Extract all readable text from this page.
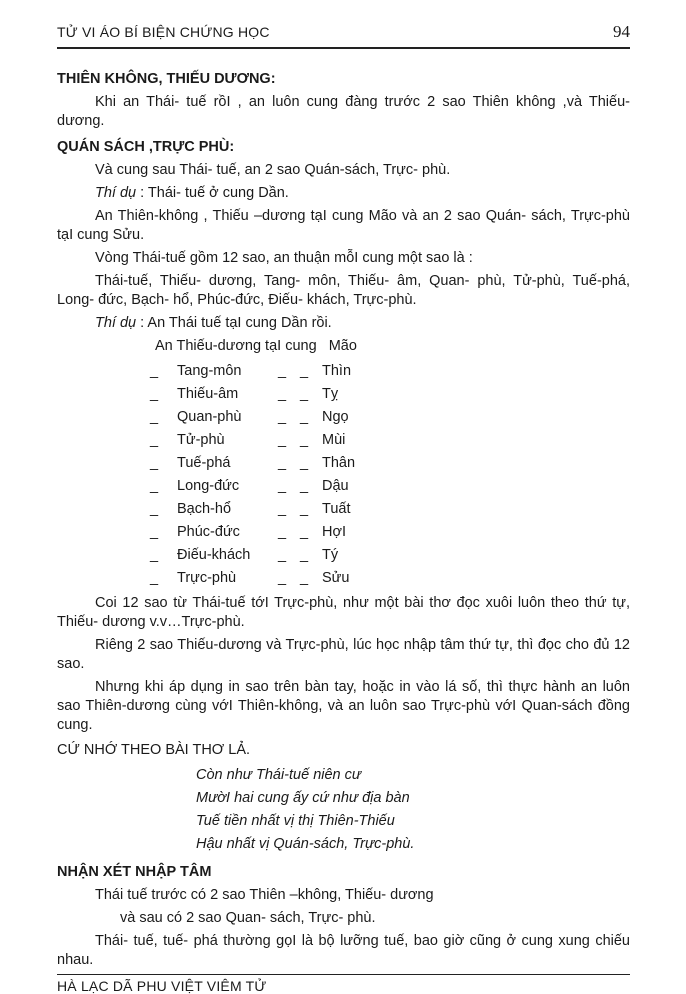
TỬ VI ÁO BÍ BIỆN CHỨNG HỌC	94
THIÊN KHÔNG, THIẾU DƯƠNG:

Khi an Thái- tuế rồI , an luôn cung đàng trước 2 sao Thiên không ,và Thiếu- dương.

QUÁN SÁCH ,TRỰC PHÙ:

Và cung sau Thái- tuế, an 2 sao Quán-sách, Trực- phù.

Thí dụ : Thái- tuế ở cung Dần.

An Thiên-không , Thiếu –dương tạI cung Mão và an 2 sao Quán- sách, Trực-phù tạI cung Sửu.

Vòng Thái-tuế gồm 12 sao, an thuận mỗI cung một sao là :

Thái-tuế, Thiếu- dương, Tang- môn, Thiếu- âm, Quan- phù, Tử-phù, Tuế-phá, Long- đức, Bạch- hổ, Phúc-đức, Điếu- khách, Trực-phù.

Thí dụ : An Thái tuế tạI cung Dần rồi.

An Thiếu-dương tạI cung   Mão

_	Tang-môn	_ _ Thìn
_	Thiếu-âm	_ _ Tỵ
_	Quan-phù	_ _ Ngọ
_	Tử-phù	_ _ Mùi
_	Tuế-phá	_ _ Thân
_	Long-đức	_ _ Dậu
_	Bạch-hổ	_ _ Tuất
_	Phúc-đức	_ _ HợI
_	Điếu-khách	_ _ Tý
_	Trực-phù	_ _ Sửu

Coi 12 sao từ Thái-tuế tớI Trực-phù, như một bài thơ đọc xuôi luôn theo thứ tự, Thiếu- dương v.v…Trực-phù.

Riêng 2 sao Thiếu-dương và Trực-phù, lúc học nhập tâm thứ tự, thì đọc cho đủ 12 sao.

Nhưng khi áp dụng in sao trên bàn tay, hoặc in vào lá số, thì thực hành an luôn sao Thiên-dương cùng vớI Thiên-không, và an luôn sao Trực-phù vớI Quan-sách đồng cung.

CỨ NHỚ THEO BÀI THƠ LẢ.
Còn như Thái-tuế niên cư
MườI hai cung ấy cứ như địa bàn
Tuế tiền nhất vị thị Thiên-Thiếu
Hậu nhất vị Quán-sách, Trực-phù.
NHẬN XÉT NHẬP TÂM

Thái tuế trước có 2 sao Thiên –không, Thiếu- dương

và sau có 2 sao Quan- sách, Trực- phù.

Thái- tuế, tuế- phá thường gọI là bộ lưỡng tuế, bao giờ cũng ở cung xung chiếu nhau.

HÀ LẠC DÃ PHU VIỆT VIÊM TỬ
